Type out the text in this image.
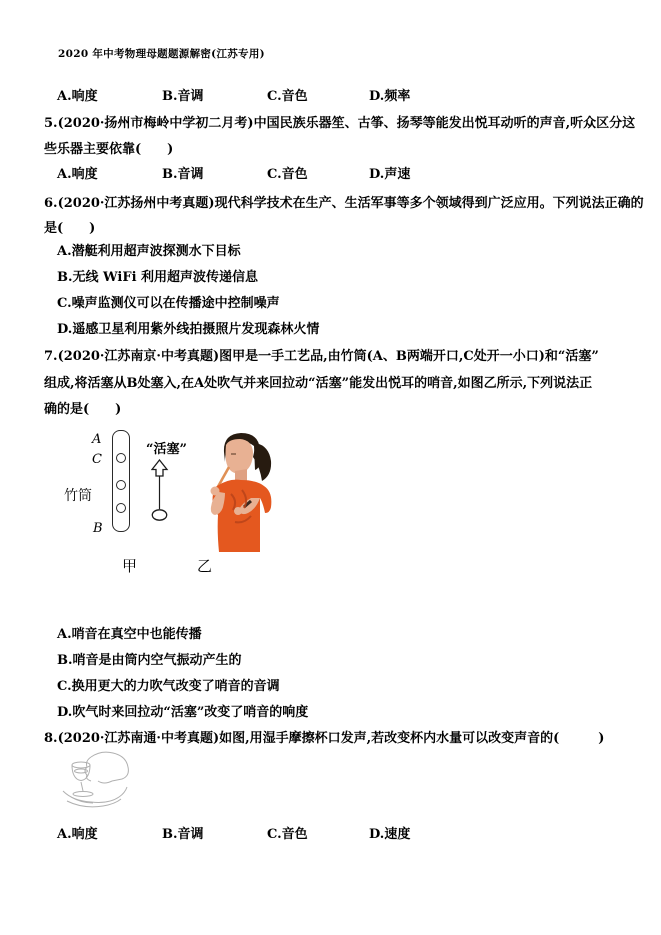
2020 年中考物理母题题源解密(江苏专用)
A.响度	B.音调	C.音色	D.频率
5.(2020·扬州市梅岭中学初二月考)中国民族乐器笙、古筝、扬琴等能发出悦耳动听的声音,听众区分这
些乐器主要依靠(　　)
A.响度	B.音调	C.音色	D.声速
6.(2020·江苏扬州中考真题)现代科学技术在生产、生活军事等多个领域得到广泛应用。下列说法正确的
是(　　)
A.潜艇利用超声波探测水下目标
B.无线 WiFi 利用超声波传递信息
C.噪声监测仪可以在传播途中控制噪声
D.遥感卫星利用紫外线拍摄照片发现森林火情
7.(2020·江苏南京·中考真题)图甲是一手工艺品,由竹筒(A、B两端开口,C处开一小口)和“活塞”
组成,将活塞从B处塞入,在A处吹气并来回拉动“活塞”能发出悦耳的哨音,如图乙所示,下列说法正
确的是(　　)
A
C
竹筒
B
“活塞”
甲	乙
A.哨音在真空中也能传播
B.哨音是由筒内空气振动产生的
C.换用更大的力吹气改变了哨音的音调
D.吹气时来回拉动“活塞”改变了哨音的响度
8.(2020·江苏南通·中考真题)如图,用湿手摩擦杯口发声,若改变杯内水量可以改变声音的(　　　)
A.响度	B.音调	C.音色	D.速度
